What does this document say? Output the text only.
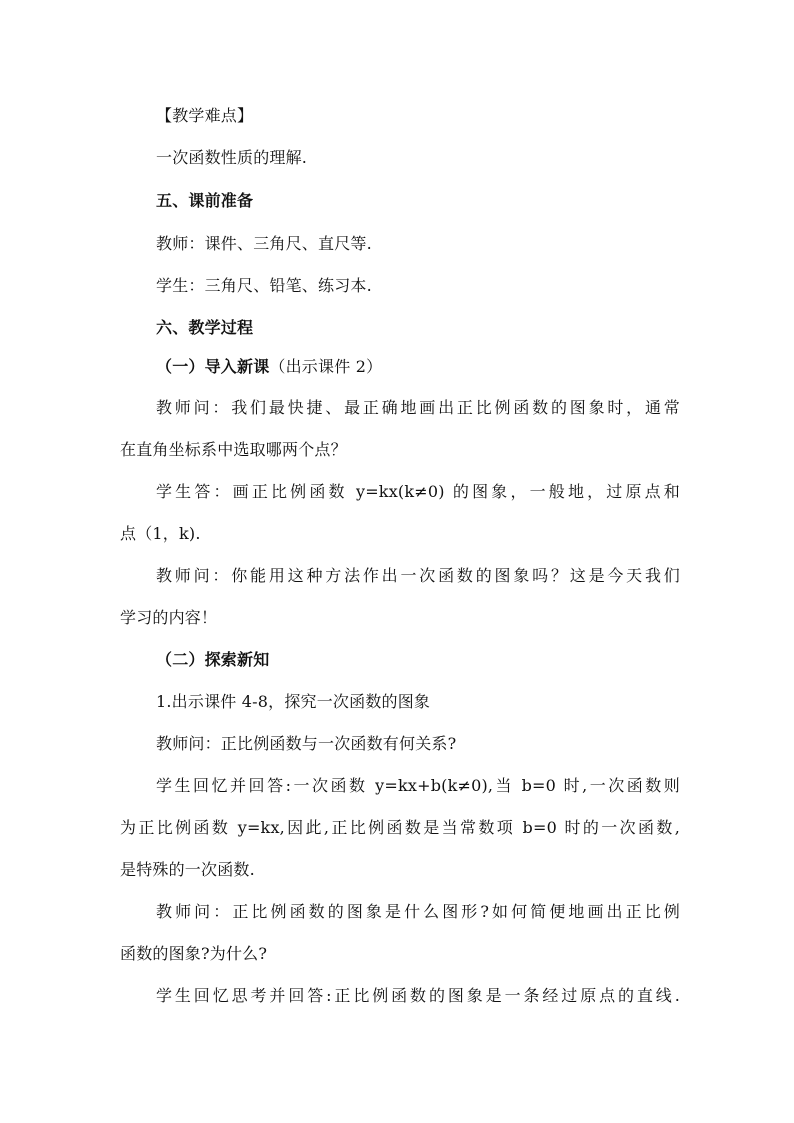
【教学难点】
一次函数性质的理解.
五、课前准备
教师：课件、三角尺、直尺等.
学生：三角尺、铅笔、练习本.
六、教学过程
（一）导入新课（出示课件 2）
教师问：我们最快捷、最正确地画出正比例函数的图象时，通常
在直角坐标系中选取哪两个点？
学生答：画正比例函数 y=kx(k≠0) 的图象，一般地，过原点和
点（1，k).
教师问：你能用这种方法作出一次函数的图象吗？这是今天我们
学习的内容！
（二）探索新知
1.出示课件 4-8，探究一次函数的图象
教师问：正比例函数与一次函数有何关系?
学生回忆并回答:一次函数 y=kx+b(k≠0),当 b=0 时,一次函数则
为正比例函数 y=kx,因此,正比例函数是当常数项 b=0 时的一次函数,
是特殊的一次函数.
教师问：正比例函数的图象是什么图形?如何简便地画出正比例
函数的图象?为什么?
学生回忆思考并回答:正比例函数的图象是一条经过原点的直线.
